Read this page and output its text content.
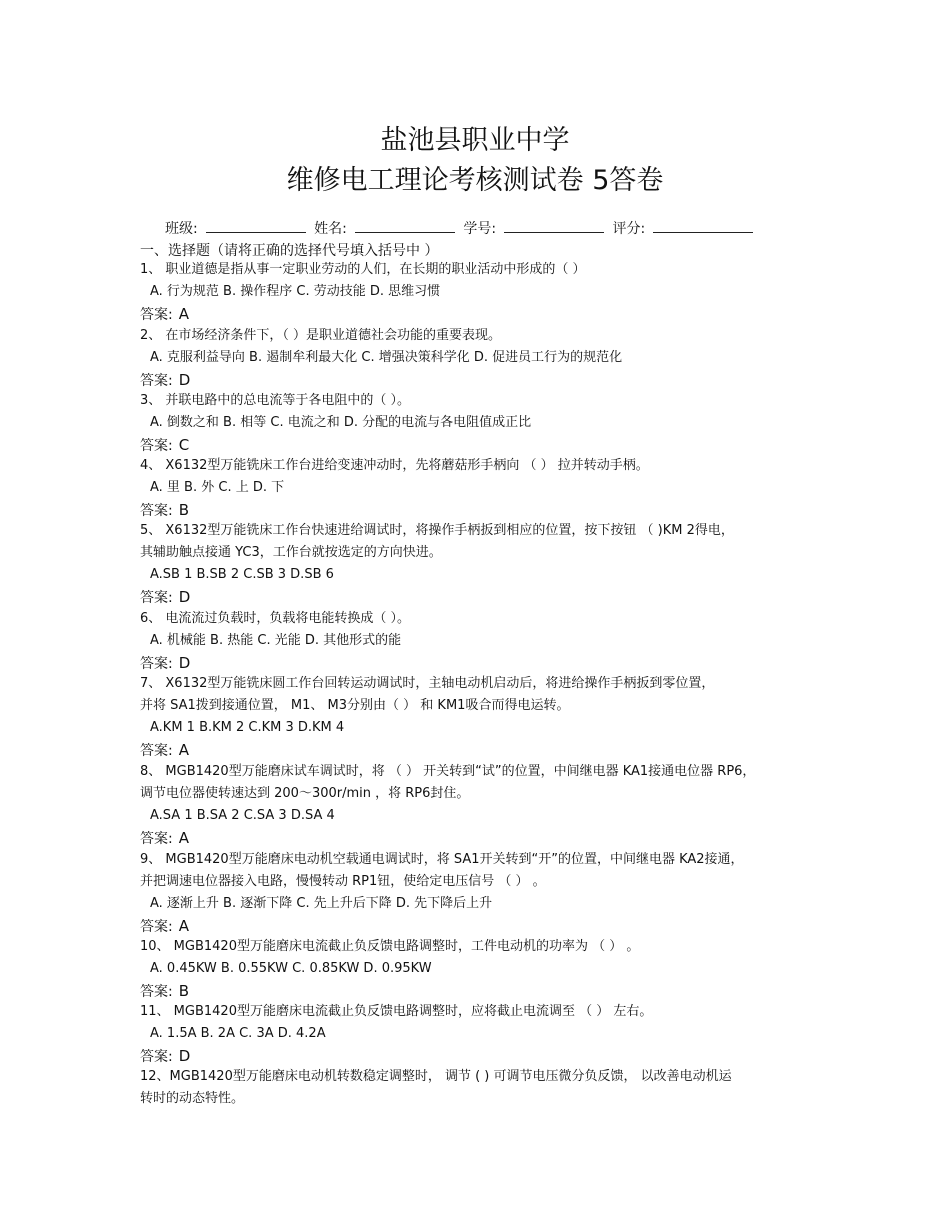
盐池县职业中学
维修电工理论考核测试卷 5答卷
班级:	姓名:	学号:	评分:
一、选择题（请将正确的选择代号填入括号中 ）
1、 职业道德是指从事一定职业劳动的人们，在长期的职业活动中形成的（ ）
A. 行为规范 B. 操作程序 C. 劳动技能 D. 思维习惯
答案: A
2、 在市场经济条件下，（ ）是职业道德社会功能的重要表现。
A. 克服利益导向 B. 遏制牟利最大化 C. 增强决策科学化 D. 促进员工行为的规范化
答案: D
3、 并联电路中的总电流等于各电阻中的（ ）。
A. 倒数之和 B. 相等 C. 电流之和 D. 分配的电流与各电阻值成正比
答案: C
4、 X6132型万能铣床工作台进给变速冲动时，先将蘑菇形手柄向 （ ） 拉并转动手柄。
A. 里 B. 外 C. 上 D. 下
答案: B
5、 X6132型万能铣床工作台快速进给调试时，将操作手柄扳到相应的位置，按下按钮 （ )KM 2得电，
其辅助触点接通 YC3，工作台就按选定的方向快进。
A.SB 1 B.SB 2 C.SB 3 D.SB 6
答案: D
6、 电流流过负载时，负载将电能转换成（ ）。
A. 机械能 B. 热能 C. 光能 D. 其他形式的能
答案: D
7、 X6132型万能铣床圆工作台回转运动调试时，主轴电动机启动后，将进给操作手柄扳到零位置，
并将 SA1拨到接通位置， M1、 M3分别由（ ） 和 KM1吸合而得电运转。
A.KM 1 B.KM 2 C.KM 3 D.KM 4
答案: A
8、 MGB1420型万能磨床试车调试时，将 （ ） 开关转到“试”的位置，中间继电器 KA1接通电位器 RP6，
调节电位器使转速达到 200～300r/min ，将 RP6封住。
A.SA 1 B.SA 2 C.SA 3 D.SA 4
答案: A
9、 MGB1420型万能磨床电动机空载通电调试时，将 SA1开关转到“开”的位置，中间继电器 KA2接通，
并把调速电位器接入电路，慢慢转动 RP1钮，使给定电压信号 （ ） 。
A. 逐渐上升 B. 逐渐下降 C. 先上升后下降 D. 先下降后上升
答案: A
10、 MGB1420型万能磨床电流截止负反馈电路调整时，工件电动机的功率为 （ ） 。
A. 0.45KW B. 0.55KW C. 0.85KW D. 0.95KW
答案: B
11、 MGB1420型万能磨床电流截止负反馈电路调整时，应将截止电流调至 （ ） 左右。
A. 1.5A B. 2A C. 3A D. 4.2A
答案: D
12、MGB1420型万能磨床电动机转数稳定调整时， 调节 ( ) 可调节电压微分负反馈， 以改善电动机运
转时的动态特性。
